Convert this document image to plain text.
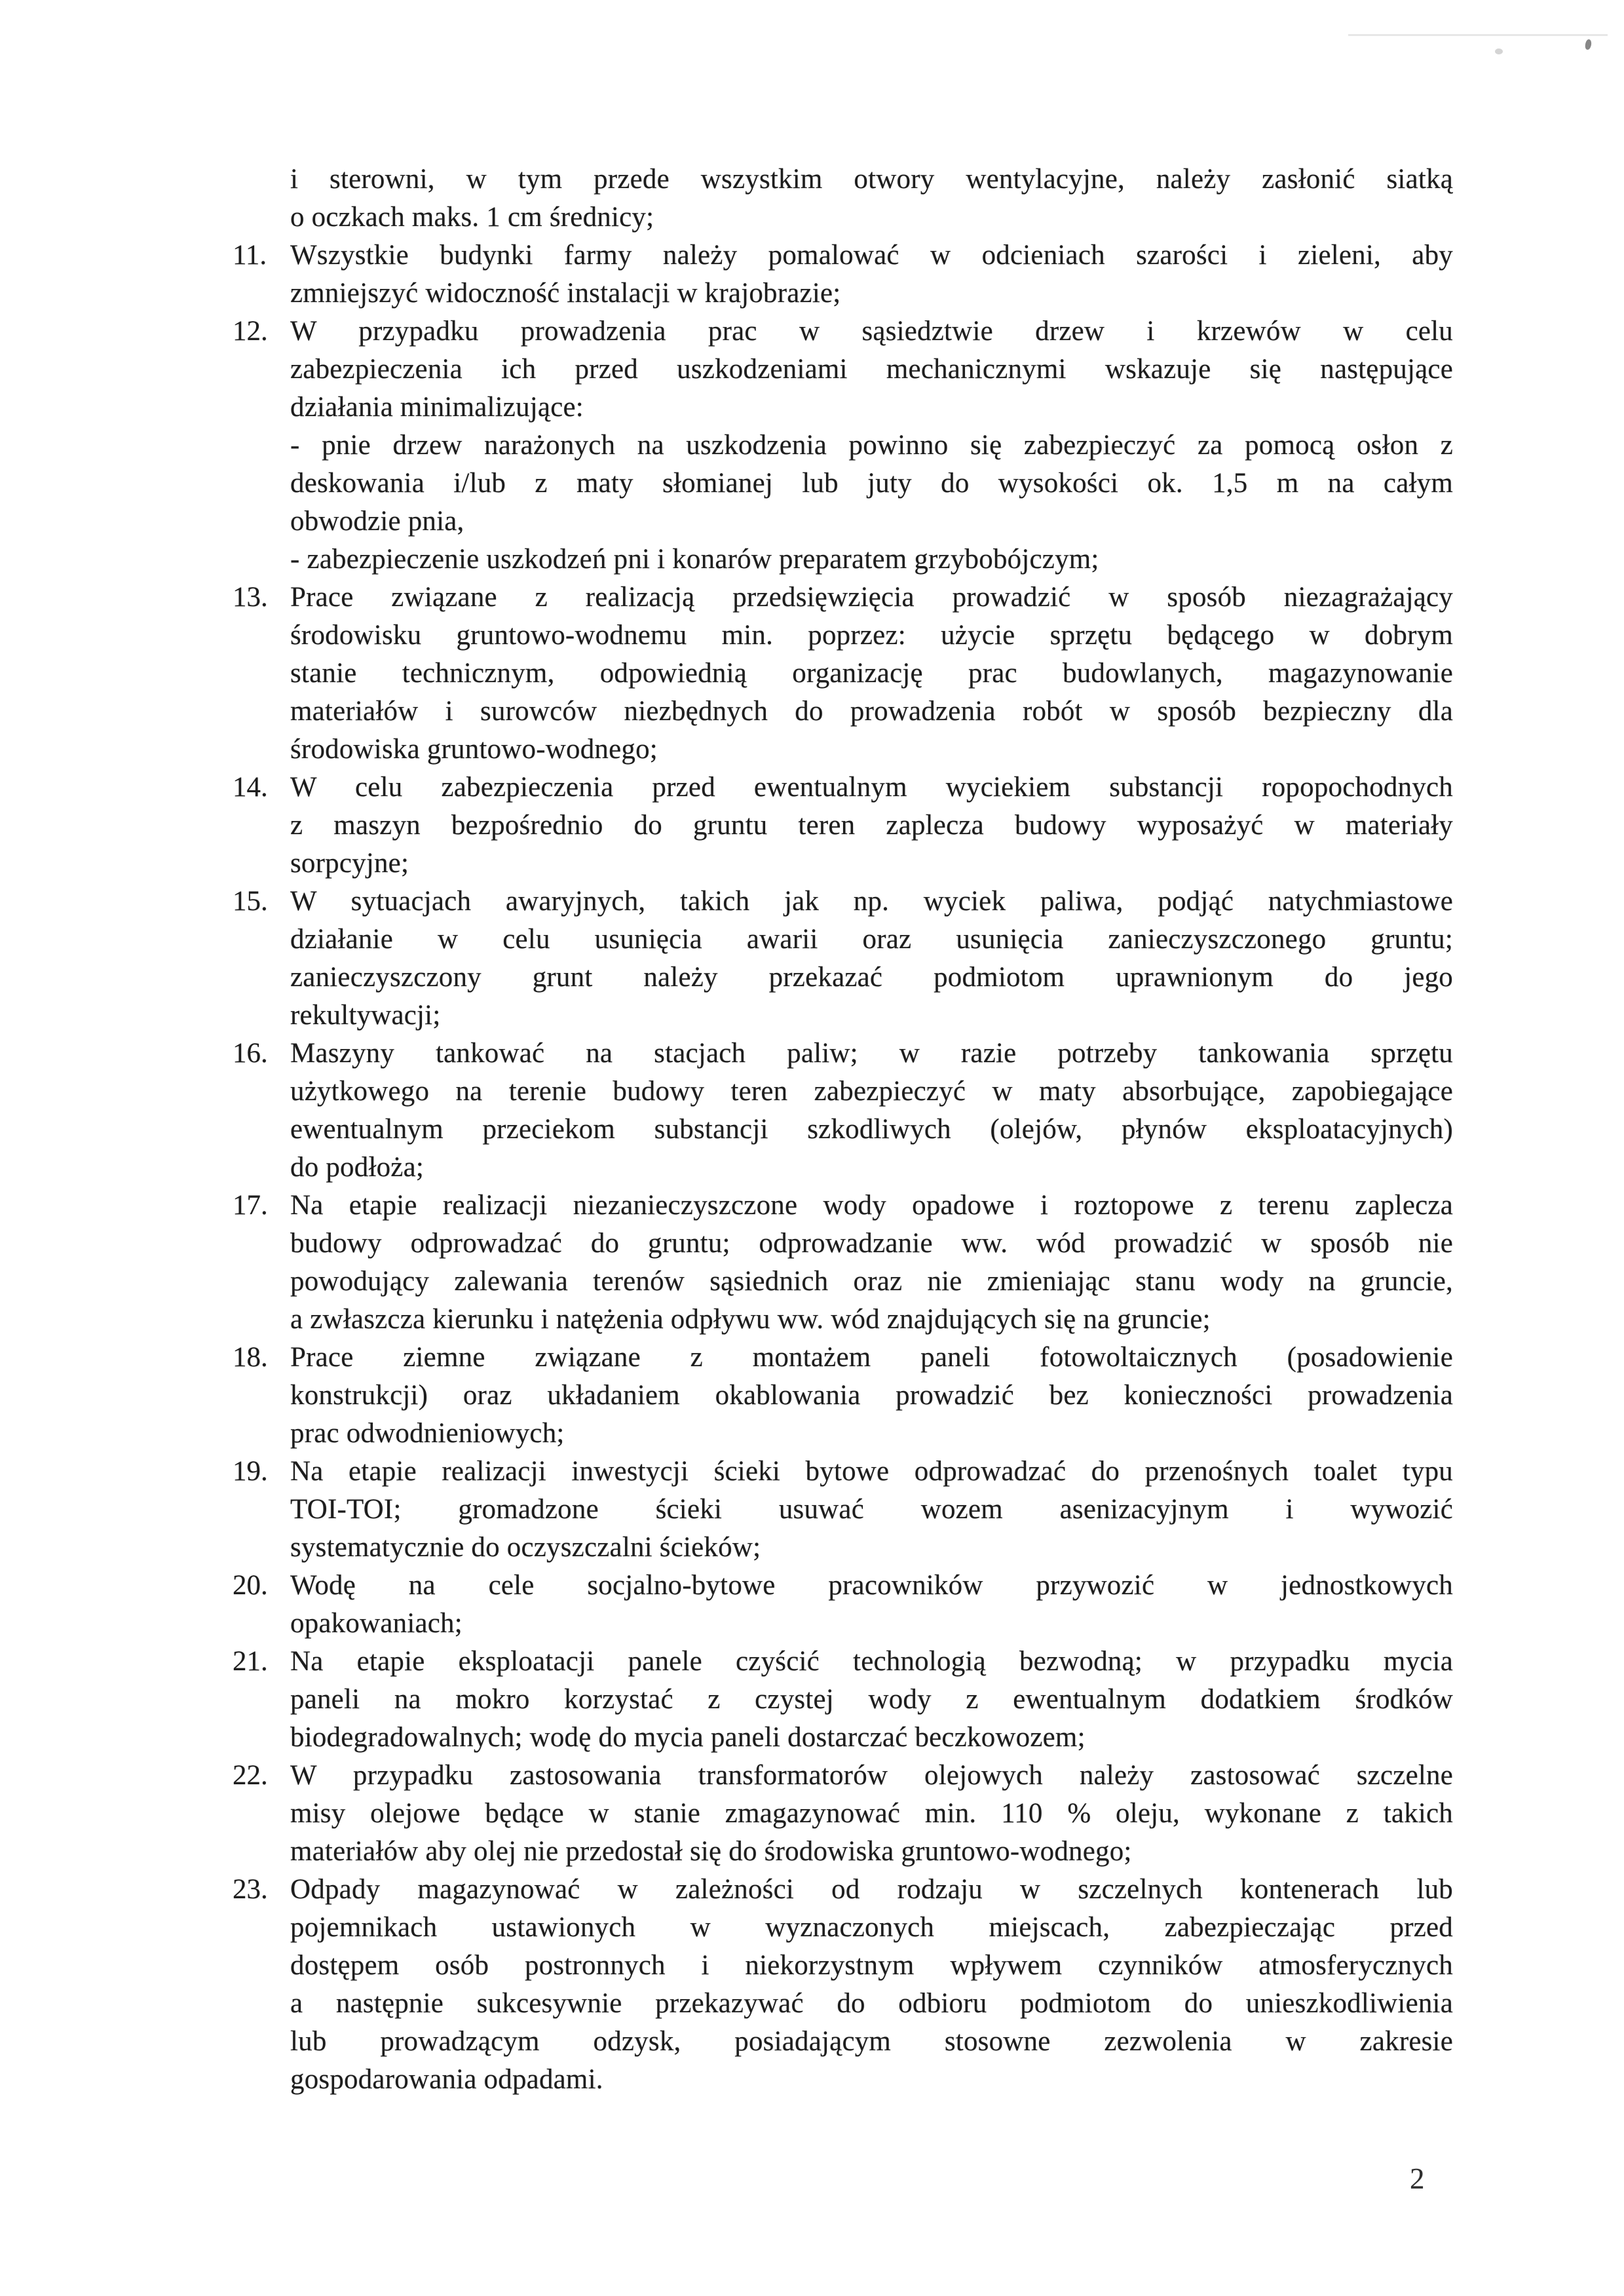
i sterowni, w tym przede wszystkim otwory wentylacyjne, należy zasłonić siatką
o oczkach maks. 1 cm średnicy;
11. Wszystkie budynki farmy należy pomalować w odcieniach szarości i zieleni, aby
zmniejszyć widoczność instalacji w krajobrazie;
12. W przypadku prowadzenia prac w sąsiedztwie drzew i krzewów w celu
zabezpieczenia ich przed uszkodzeniami mechanicznymi wskazuje się następujące
działania minimalizujące:
- pnie drzew narażonych na uszkodzenia powinno się zabezpieczyć za pomocą osłon z
deskowania i/lub z maty słomianej lub juty do wysokości ok. 1,5 m na całym
obwodzie pnia,
- zabezpieczenie uszkodzeń pni i konarów preparatem grzybobójczym;
13. Prace związane z realizacją przedsięwzięcia prowadzić w sposób niezagrażający
środowisku gruntowo-wodnemu min. poprzez: użycie sprzętu będącego w dobrym
stanie technicznym, odpowiednią organizację prac budowlanych, magazynowanie
materiałów i surowców niezbędnych do prowadzenia robót w sposób bezpieczny dla
środowiska gruntowo-wodnego;
14. W celu zabezpieczenia przed ewentualnym wyciekiem substancji ropopochodnych
z maszyn bezpośrednio do gruntu teren zaplecza budowy wyposażyć w materiały
sorpcyjne;
15. W sytuacjach awaryjnych, takich jak np. wyciek paliwa, podjąć natychmiastowe
działanie w celu usunięcia awarii oraz usunięcia zanieczyszczonego gruntu;
zanieczyszczony grunt należy przekazać podmiotom uprawnionym do jego
rekultywacji;
16. Maszyny tankować na stacjach paliw; w razie potrzeby tankowania sprzętu
użytkowego na terenie budowy teren zabezpieczyć w maty absorbujące, zapobiegające
ewentualnym przeciekom substancji szkodliwych (olejów, płynów eksploatacyjnych)
do podłoża;
17. Na etapie realizacji niezanieczyszczone wody opadowe i roztopowe z terenu zaplecza
budowy odprowadzać do gruntu; odprowadzanie ww. wód prowadzić w sposób nie
powodujący zalewania terenów sąsiednich oraz nie zmieniając stanu wody na gruncie,
a zwłaszcza kierunku i natężenia odpływu ww. wód znajdujących się na gruncie;
18. Prace ziemne związane z montażem paneli fotowoltaicznych (posadowienie
konstrukcji) oraz układaniem okablowania prowadzić bez konieczności prowadzenia
prac odwodnieniowych;
19. Na etapie realizacji inwestycji ścieki bytowe odprowadzać do przenośnych toalet typu
TOI-TOI; gromadzone ścieki usuwać wozem asenizacyjnym i wywozić
systematycznie do oczyszczalni ścieków;
20. Wodę na cele socjalno-bytowe pracowników przywozić w jednostkowych
opakowaniach;
21. Na etapie eksploatacji panele czyścić technologią bezwodną; w przypadku mycia
paneli na mokro korzystać z czystej wody z ewentualnym dodatkiem środków
biodegradowalnych; wodę do mycia paneli dostarczać beczkowozem;
22. W przypadku zastosowania transformatorów olejowych należy zastosować szczelne
misy olejowe będące w stanie zmagazynować min. 110 % oleju, wykonane z takich
materiałów aby olej nie przedostał się do środowiska gruntowo-wodnego;
23. Odpady magazynować w zależności od rodzaju w szczelnych kontenerach lub
pojemnikach ustawionych w wyznaczonych miejscach, zabezpieczając przed
dostępem osób postronnych i niekorzystnym wpływem czynników atmosferycznych
a następnie sukcesywnie przekazywać do odbioru podmiotom do unieszkodliwienia
lub prowadzącym odzysk, posiadającym stosowne zezwolenia w zakresie
gospodarowania odpadami.
2
